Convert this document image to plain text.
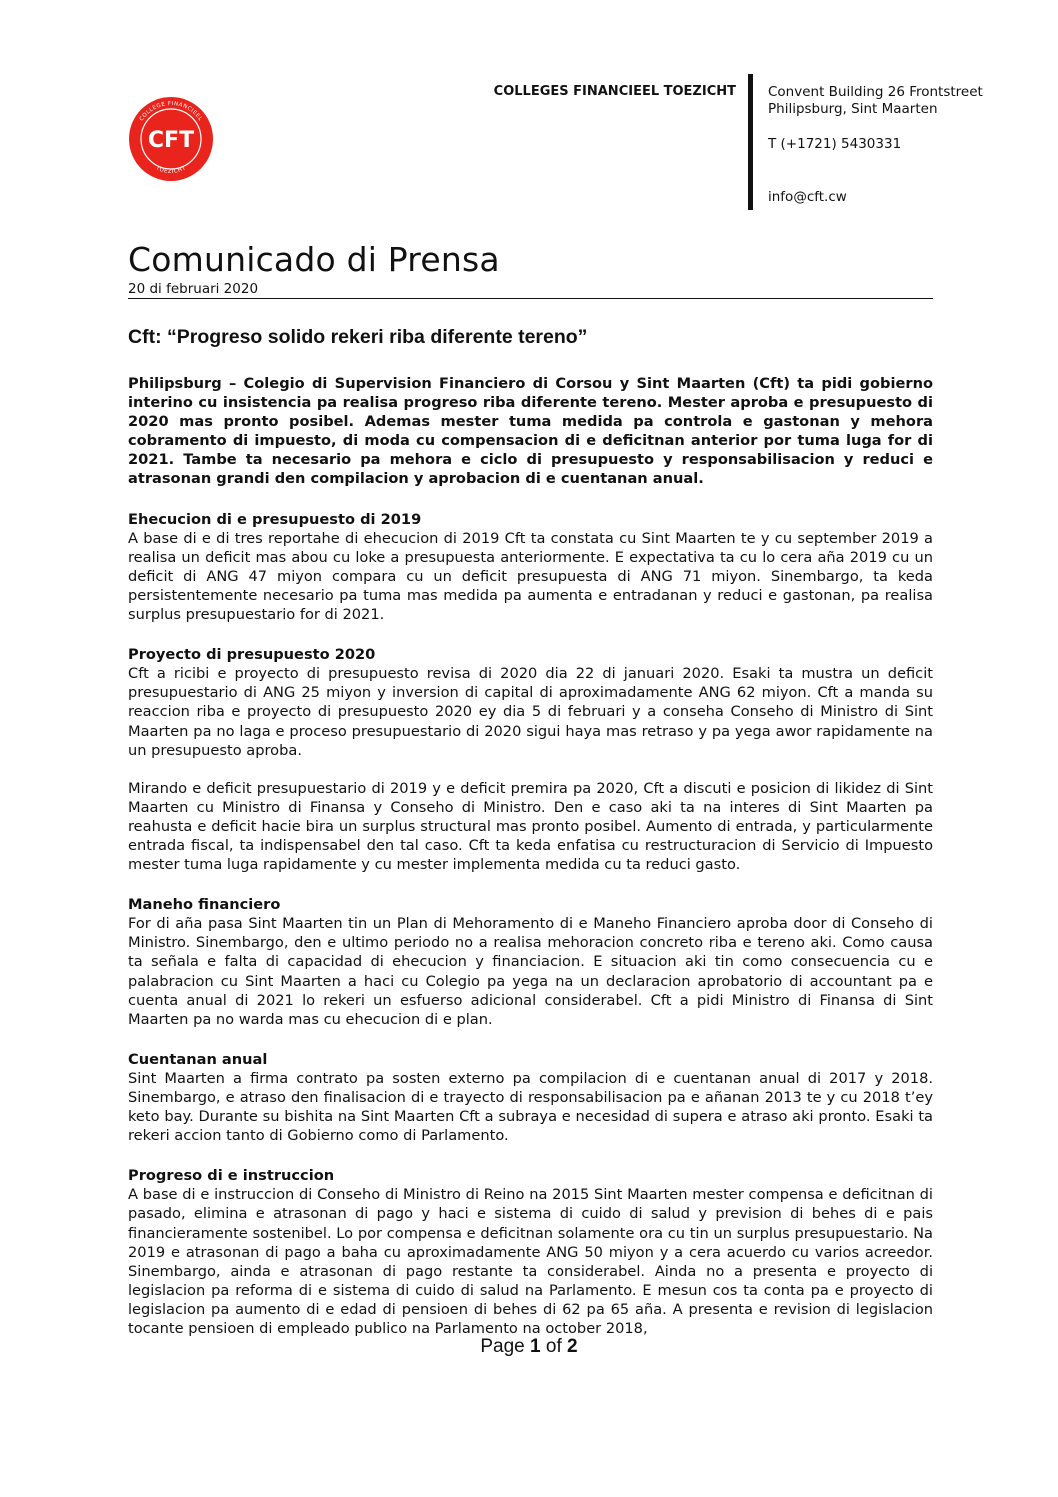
COLLEGE FINANCIEEL
TOEZICHT
CFT
COLLEGES FINANCIEEL TOEZICHT Convent Building 26 Frontstreet
Philipsburg, Sint Maarten
T (+1721) 5430331
info@cft.cw
Comunicado di Prensa
20 di februari 2020
Cft: “Progreso solido rekeri riba diferente tereno”

Philipsburg – Colegio di Supervision Financiero di Corsou y Sint Maarten (Cft) ta pidi gobierno interino cu insistencia pa realisa progreso riba diferente tereno. Mester aproba e presupuesto di 2020 mas pronto posibel. Ademas mester tuma medida pa controla e gastonan y mehora cobramento di impuesto, di moda cu compensacion di e deficitnan anterior por tuma luga for di 2021. Tambe ta necesario pa mehora e ciclo di presupuesto y responsabilisacion y reduci e atrasonan grandi den compilacion y aprobacion di e cuentanan anual.

Ehecucion di e presupuesto di 2019

A base di e di tres reportahe di ehecucion di 2019 Cft ta constata cu Sint Maarten te y cu september 2019 a realisa un deficit mas abou cu loke a presupuesta anteriormente. E expectativa ta cu lo cera aña 2019 cu un deficit di ANG 47 miyon compara cu un deficit presupuesta di ANG 71 miyon. Sinembargo, ta keda persistentemente necesario pa tuma mas medida pa aumenta e entradanan y reduci e gastonan, pa realisa surplus presupuestario for di 2021.

Proyecto di presupuesto 2020

Cft a ricibi e proyecto di presupuesto revisa di 2020 dia 22 di januari 2020. Esaki ta mustra un deficit presupuestario di ANG 25 miyon y inversion di capital di aproximadamente ANG 62 miyon. Cft a manda su reaccion riba e proyecto di presupuesto 2020 ey dia 5 di februari y a conseha Conseho di Ministro di Sint Maarten pa no laga e proceso presupuestario di 2020 sigui haya mas retraso y pa yega awor rapidamente na un presupuesto aproba.

Mirando e deficit presupuestario di 2019 y e deficit premira pa 2020, Cft a discuti e posicion di likidez di Sint Maarten cu Ministro di Finansa y Conseho di Ministro. Den e caso aki ta na interes di Sint Maarten pa reahusta e deficit hacie bira un surplus structural mas pronto posibel. Aumento di entrada, y particularmente entrada fiscal, ta indispensabel den tal caso. Cft ta keda enfatisa cu restructuracion di Servicio di Impuesto mester tuma luga rapidamente y cu mester implementa medida cu ta reduci gasto.

Maneho financiero

For di aña pasa Sint Maarten tin un Plan di Mehoramento di e Maneho Financiero aproba door di Conseho di Ministro. Sinembargo, den e ultimo periodo no a realisa mehoracion concreto riba e tereno aki. Como causa ta señala e falta di capacidad di ehecucion y financiacion. E situacion aki tin como consecuencia cu e palabracion cu Sint Maarten a haci cu Colegio pa yega na un declaracion aprobatorio di accountant pa e cuenta anual di 2021 lo rekeri un esfuerso adicional considerabel. Cft a pidi Ministro di Finansa di Sint Maarten pa no warda mas cu ehecucion di e plan.

Cuentanan anual

Sint Maarten a firma contrato pa sosten externo pa compilacion di e cuentanan anual di 2017 y 2018. Sinembargo, e atraso den finalisacion di e trayecto di responsabilisacion pa e añanan 2013 te y cu 2018 t’ey keto bay. Durante su bishita na Sint Maarten Cft a subraya e necesidad di supera e atraso aki pronto. Esaki ta rekeri accion tanto di Gobierno como di Parlamento.

Progreso di e instruccion

A base di e instruccion di Conseho di Ministro di Reino na 2015 Sint Maarten mester compensa e deficitnan di pasado, elimina e atrasonan di pago y haci e sistema di cuido di salud y prevision di behes di e pais financieramente sostenibel. Lo por compensa e deficitnan solamente ora cu tin un surplus presupuestario. Na 2019 e atrasonan di pago a baha cu aproximadamente ANG 50 miyon y a cera acuerdo cu varios acreedor. Sinembargo, ainda e atrasonan di pago restante ta considerabel. Ainda no a presenta e proyecto di legislacion pa reforma di e sistema di cuido di salud na Parlamento. E mesun cos ta conta pa e proyecto di legislacion pa aumento di e edad di pensioen di behes di 62 pa 65 aña. A presenta e revision di legislacion tocante pensioen di empleado publico na Parlamento na october 2018,

Page 1 of 2
